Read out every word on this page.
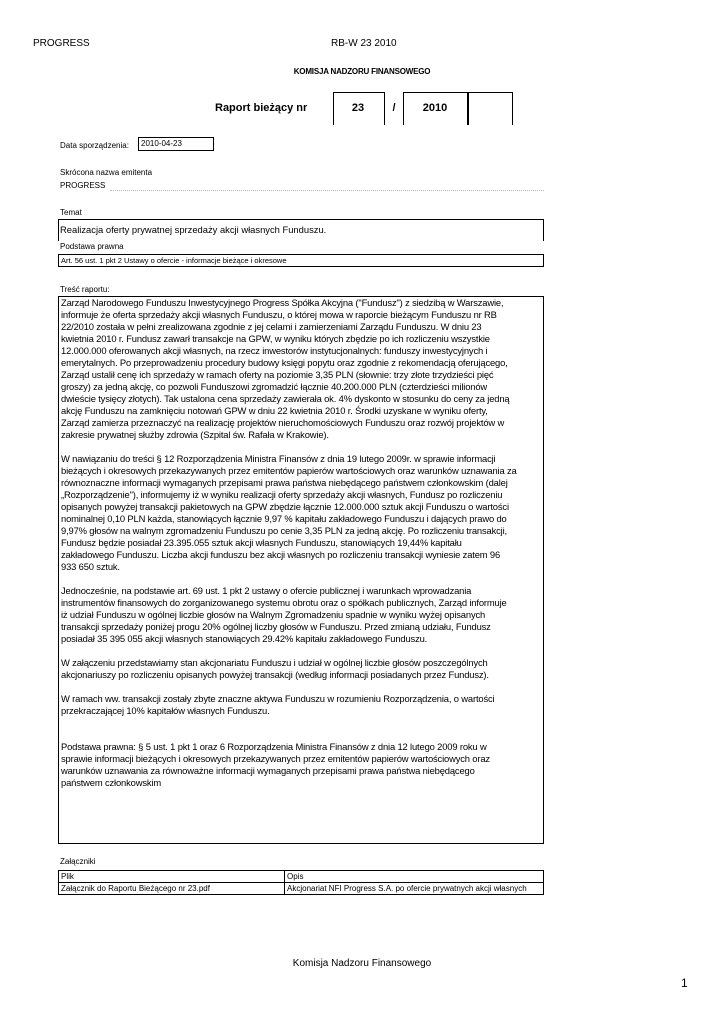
PROGRESS	RB-W 23 2010
KOMISJA NADZORU FINANSOWEGO
Raport bieżący nr	23	/	2010
Data sporządzenia:	2010-04-23
Skrócona nazwa emitenta
PROGRESS
Temat
Realizacja oferty prywatnej sprzedaży akcji własnych Funduszu.
Podstawa prawna
Art. 56 ust. 1 pkt 2 Ustawy o ofercie - informacje bieżące i okresowe
Treść raportu:

Zarząd Narodowego Funduszu Inwestycyjnego Progress Spółka Akcyjna ("Fundusz") z siedzibą w Warszawie,
informuje że oferta sprzedaży akcji własnych Funduszu, o której mowa w raporcie bieżącym Funduszu nr RB
22/2010 została w pełni zrealizowana zgodnie z jej celami i zamierzeniami Zarządu Funduszu. W dniu 23
kwietnia 2010 r. Fundusz zawarł transakcje na GPW, w wyniku których zbędzie po ich rozliczeniu wszystkie
12.000.000 oferowanych akcji własnych, na rzecz inwestorów instytucjonalnych: funduszy inwestycyjnych i
emerytalnych. Po przeprowadzeniu procedury budowy księgi popytu oraz zgodnie z rekomendacją oferującego,
Zarząd ustalił cenę ich sprzedaży w ramach oferty na poziomie 3,35 PLN (słownie: trzy złote trzydzieści pięć
groszy) za jedną akcję, co pozwoli Funduszowi zgromadzić łącznie 40.200.000 PLN (czterdzieści milionów
dwieście tysięcy złotych). Tak ustalona cena sprzedaży zawierała ok. 4% dyskonto w stosunku do ceny za jedną
akcję Funduszu na zamknięciu notowań GPW w dniu 22 kwietnia 2010 r. Środki uzyskane w wyniku oferty,
Zarząd zamierza przeznaczyć na realizację projektów nieruchomościowych Funduszu oraz rozwój projektów w
zakresie prywatnej służby zdrowia (Szpital św. Rafała w Krakowie).

W nawiązaniu do treści § 12 Rozporządzenia Ministra Finansów z dnia 19 lutego 2009r. w sprawie informacji
bieżących i okresowych przekazywanych przez emitentów papierów wartościowych oraz warunków uznawania za
równoznaczne informacji wymaganych przepisami prawa państwa niebędącego państwem członkowskim (dalej
„Rozporządzenie"), informujemy iż w wyniku realizacji oferty sprzedaży akcji własnych, Fundusz po rozliczeniu
opisanych powyżej transakcji pakietowych na GPW zbędzie łącznie 12.000.000 sztuk akcji Funduszu o wartości
nominalnej 0,10 PLN każda, stanowiących łącznie 9,97 % kapitału zakładowego Funduszu i dających prawo do
9,97% głosów na walnym zgromadzeniu Funduszu po cenie 3,35 PLN za jedną akcję. Po rozliczeniu transakcji,
Fundusz będzie posiadał 23.395.055 sztuk akcji własnych Funduszu, stanowiących 19,44% kapitału
zakładowego Funduszu. Liczba akcji funduszu bez akcji własnych po rozliczeniu transakcji wyniesie zatem 96
933 650 sztuk.

Jednocześnie, na podstawie art. 69 ust. 1 pkt 2 ustawy o ofercie publicznej i warunkach wprowadzania
instrumentów finansowych do zorganizowanego systemu obrotu oraz o spółkach publicznych, Zarząd informuje
iż udział Funduszu w ogólnej liczbie głosów na Walnym Zgromadzeniu spadnie w wyniku wyżej opisanych
transakcji sprzedaży poniżej progu 20% ogólnej liczby głosów w Funduszu. Przed zmianą udziału, Fundusz
posiadał 35 395 055 akcji własnych stanowiących 29.42% kapitału zakładowego Funduszu.

W załączeniu przedstawiamy stan akcjonariatu Funduszu i udział w ogólnej liczbie głosów poszczególnych
akcjonariuszy po rozliczeniu opisanych powyżej transakcji (według informacji posiadanych przez Fundusz).

W ramach ww. transakcji zostały zbyte znaczne aktywa Funduszu w rozumieniu Rozporządzenia, o wartości
przekraczającej 10% kapitałów własnych Funduszu.

Podstawa prawna: § 5 ust. 1 pkt 1 oraz 6 Rozporządzenia Ministra Finansów z dnia 12 lutego 2009 roku w
sprawie informacji bieżących i okresowych przekazywanych przez emitentów papierów wartościowych oraz
warunków uznawania za równoważne informacji wymaganych przepisami prawa państwa niebędącego
państwem członkowskim

Załączniki
Plik	Opis
Załącznik do Raportu Bieżącego nr 23.pdf	Akcjonariat NFI Progress S.A. po ofercie prywatnych akcji własnych
Komisja Nadzoru Finansowego
1
